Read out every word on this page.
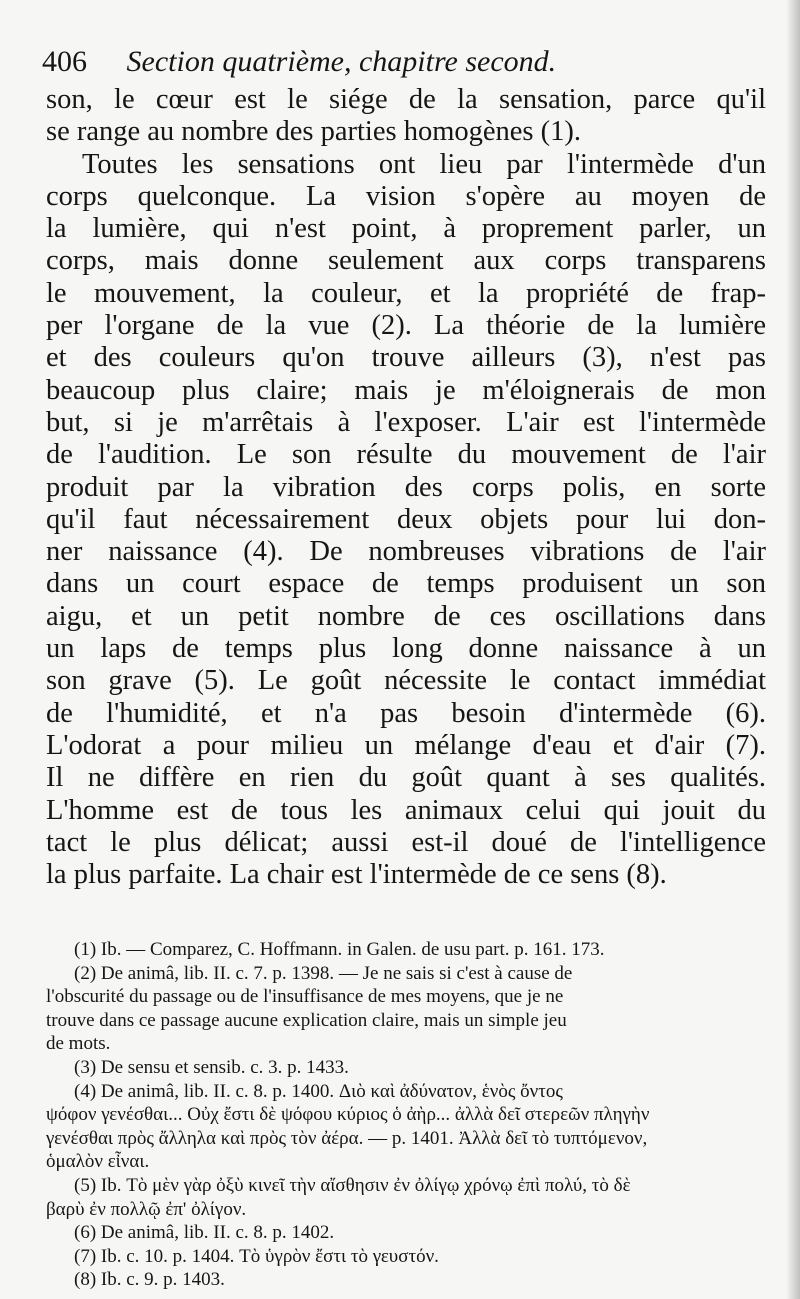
406 Section quatrième, chapitre second.
son, le cœur est le siége de la sensation, parce qu'il
se range au nombre des parties homogènes (1).
Toutes les sensations ont lieu par l'intermède d'un
corps quelconque. La vision s'opère au moyen de
la lumière, qui n'est point, à proprement parler, un
corps, mais donne seulement aux corps transparens
le mouvement, la couleur, et la propriété de frap-
per l'organe de la vue (2). La théorie de la lumière
et des couleurs qu'on trouve ailleurs (3), n'est pas
beaucoup plus claire; mais je m'éloignerais de mon
but, si je m'arrêtais à l'exposer. L'air est l'intermède
de l'audition. Le son résulte du mouvement de l'air
produit par la vibration des corps polis, en sorte
qu'il faut nécessairement deux objets pour lui don-
ner naissance (4). De nombreuses vibrations de l'air
dans un court espace de temps produisent un son
aigu, et un petit nombre de ces oscillations dans
un laps de temps plus long donne naissance à un
son grave (5). Le goût nécessite le contact immédiat
de l'humidité, et n'a pas besoin d'intermède (6).
L'odorat a pour milieu un mélange d'eau et d'air (7).
Il ne diffère en rien du goût quant à ses qualités.
L'homme est de tous les animaux celui qui jouit du
tact le plus délicat; aussi est-il doué de l'intelligence
la plus parfaite. La chair est l'intermède de ce sens (8).
(1) Ib. — Comparez, C. Hoffmann. in Galen. de usu part. p. 161. 173.
(2) De animâ, lib. II. c. 7. p. 1398. — Je ne sais si c'est à cause de
l'obscurité du passage ou de l'insuffisance de mes moyens, que je ne
trouve dans ce passage aucune explication claire, mais un simple jeu
de mots.
(3) De sensu et sensib. c. 3. p. 1433.
(4) De animâ, lib. II. c. 8. p. 1400. Διὸ καὶ ἀδύνατον, ἑνὸς ὄντος
ψόφον γενέσθαι... Οὐχ ἔστι δὲ ψόφου κύριος ὁ ἀὴρ... ἀλλὰ δεῖ στερεῶν πληγὴν
γενέσθαι πρὸς ἄλληλα καὶ πρὸς τὸν ἀέρα. — p. 1401. Ἀλλὰ δεῖ τὸ τυπτόμενον,
ὁμαλὸν εἶναι.
(5) Ib. Τὸ μὲν γὰρ ὀξὺ κινεῖ τὴν αἴσθησιν ἐν ὀλίγῳ χρόνῳ ἐπὶ πολύ, τὸ δὲ
βαρὺ ἐν πολλῷ ἐπ' ὀλίγον.
(6) De animâ, lib. II. c. 8. p. 1402.
(7) Ib. c. 10. p. 1404. Τὸ ὑγρὸν ἔστι τὸ γευστόν.
(8) Ib. c. 9. p. 1403.
